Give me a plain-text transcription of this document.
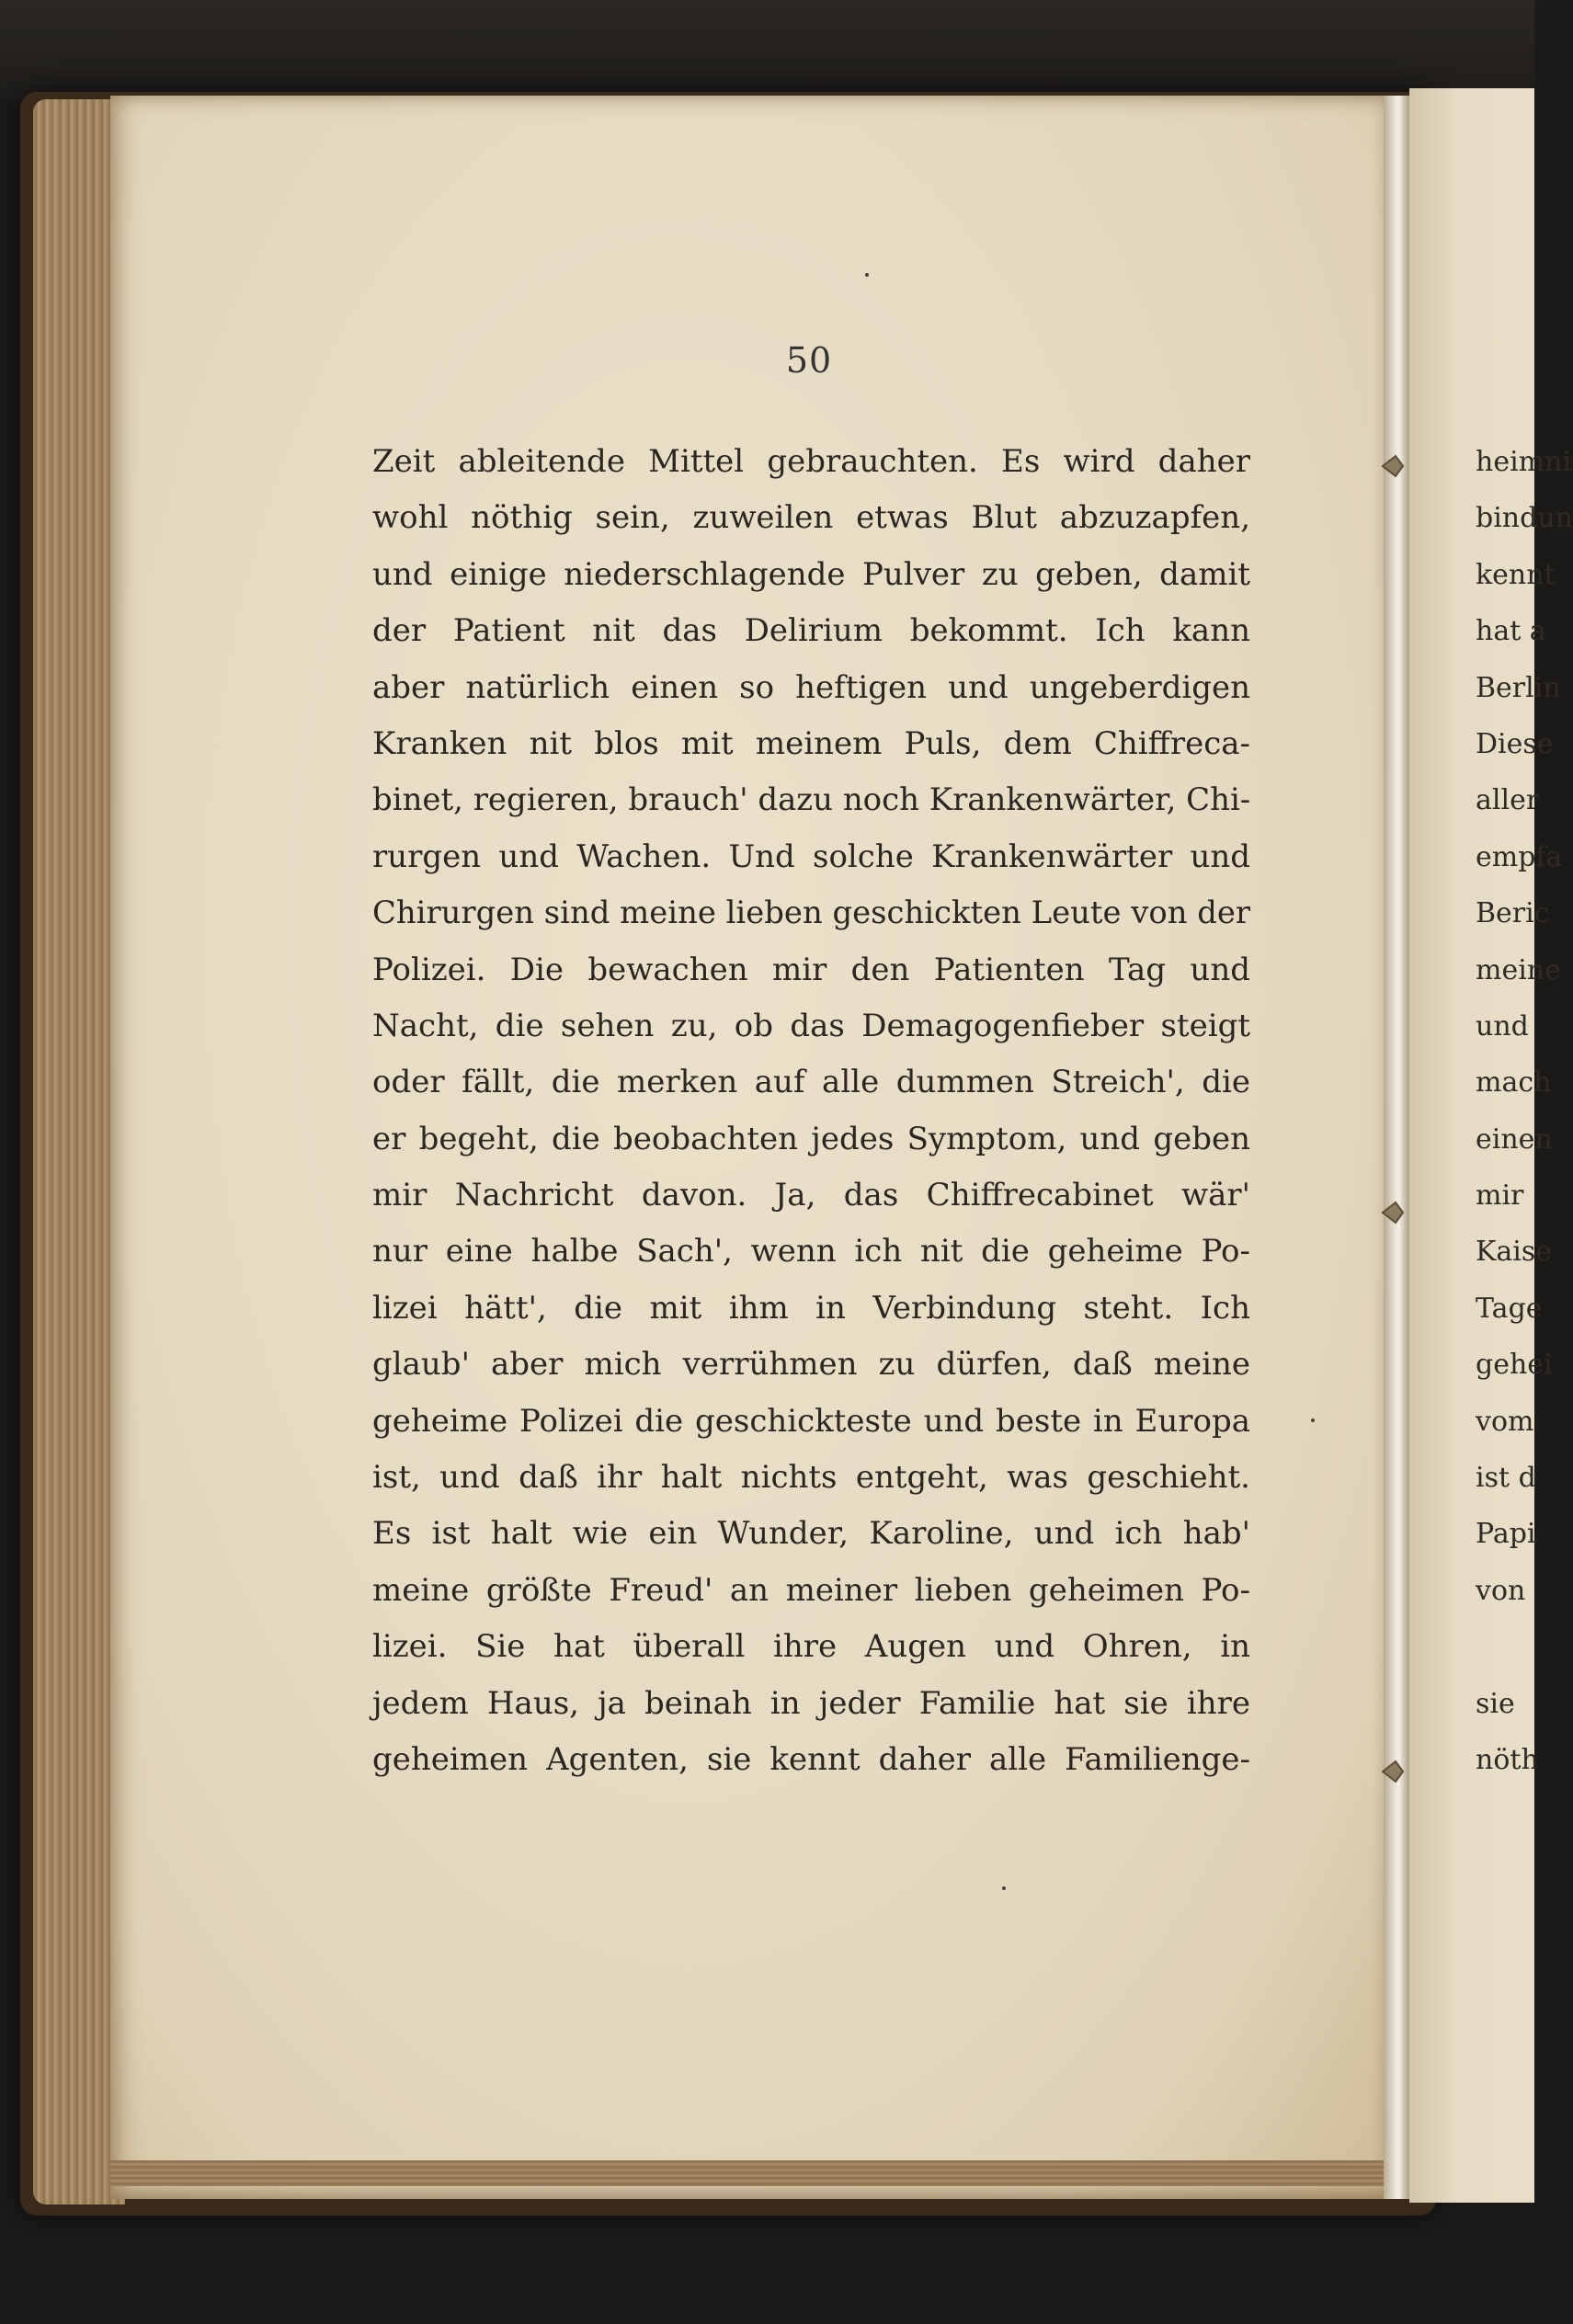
50
Zeit ableitende Mittel gebrauchten. Es wird daher
wohl nöthig sein, zuweilen etwas Blut abzuzapfen,
und einige niederschlagende Pulver zu geben, damit
der Patient nit das Delirium bekommt. Ich kann
aber natürlich einen so heftigen und ungeberdigen
Kranken nit blos mit meinem Puls, dem Chiffreca-
binet, regieren, brauch' dazu noch Krankenwärter, Chi-
rurgen und Wachen. Und solche Krankenwärter und
Chirurgen sind meine lieben geschickten Leute von der
Polizei. Die bewachen mir den Patienten Tag und
Nacht, die sehen zu, ob das Demagogenfieber steigt
oder fällt, die merken auf alle dummen Streich', die
er begeht, die beobachten jedes Symptom, und geben
mir Nachricht davon. Ja, das Chiffrecabinet wär'
nur eine halbe Sach', wenn ich nit die geheime Po-
lizei hätt', die mit ihm in Verbindung steht. Ich
glaub' aber mich verrühmen zu dürfen, daß meine
geheime Polizei die geschickteste und beste in Europa
ist, und daß ihr halt nichts entgeht, was geschieht.
Es ist halt wie ein Wunder, Karoline, und ich hab'
meine größte Freud' an meiner lieben geheimen Po-
lizei. Sie hat überall ihre Augen und Ohren, in
jedem Haus, ja beinah in jeder Familie hat sie ihre
geheimen Agenten, sie kennt daher alle Familienge-
heimni
bindun
kennt
hat a
Berlin
Diese
aller
empfa
Beric
meine
und
mach
einen
mir
Kaise
Tage
gehei
vom
ist d
Papi
von
sie
nöth
